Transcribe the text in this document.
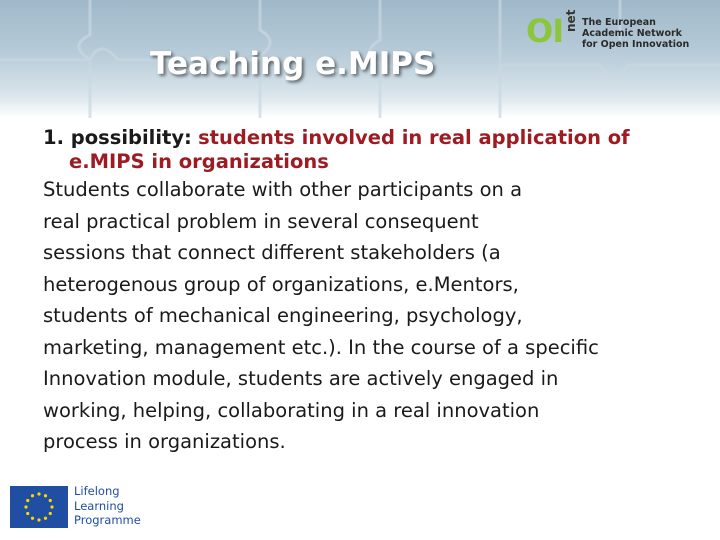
Teaching e.MIPS
OI net The European
Academic Network
for Open Innovation
1. possibility: students involved in real application of
e.MIPS in organizations
Students collaborate with other participants on a
real practical problem in several consequent
sessions that connect different stakeholders (a
heterogenous group of organizations, e.Mentors,
students of mechanical engineering, psychology,
marketing, management etc.). In the course of a specific
Innovation module, students are actively engaged in
working, helping, collaborating in a real innovation
process in organizations.
Lifelong
Learning
Programme
